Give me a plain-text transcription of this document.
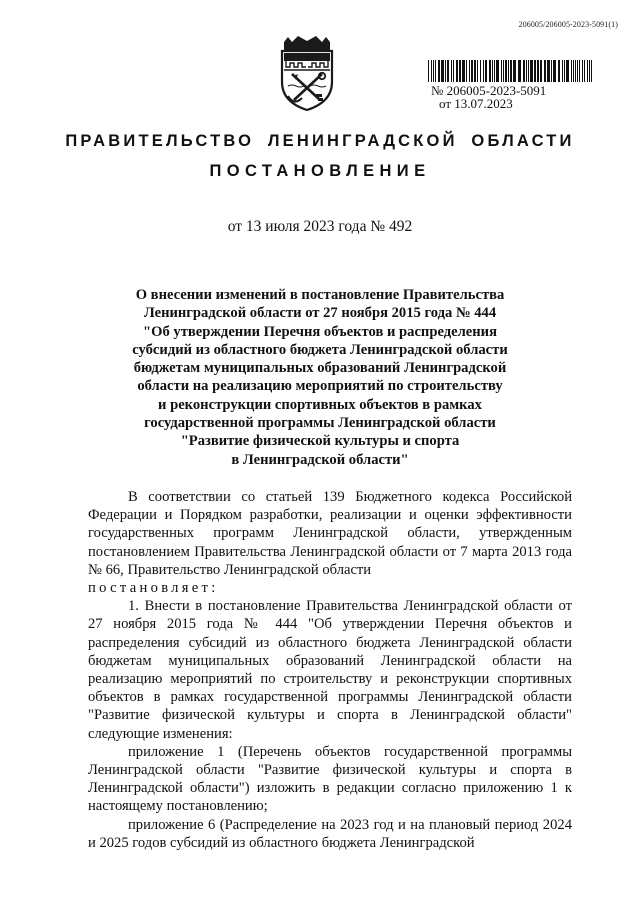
206005/206005-2023-5091(1)
№ 206005-2023-5091
от 13.07.2023
ПРАВИТЕЛЬСТВО ЛЕНИНГРАДСКОЙ ОБЛАСТИ
ПОСТАНОВЛЕНИЕ
от 13 июля 2023 года № 492
О внесении изменений в постановление Правительства
Ленинградской области от 27 ноября 2015 года № 444
"Об утверждении Перечня объектов и распределения
субсидий из областного бюджета Ленинградской области
бюджетам муниципальных образований Ленинградской
области на реализацию мероприятий по строительству
и реконструкции спортивных объектов в рамках
государственной программы Ленинградской области
"Развитие физической культуры и спорта
в Ленинградской области"

В соответствии со статьей 139 Бюджетного кодекса Российской Федерации и Порядком разработки, реализации и оценки эффективности государственных программ Ленинградской области, утвержденным постановлением Правительства Ленинградской области от 7 марта 2013 года № 66, Правительство Ленинградской области

постановляет:

1. Внести в постановление Правительства Ленинградской области от 27 ноября 2015 года № 444 "Об утверждении Перечня объектов и распределения субсидий из областного бюджета Ленинградской области бюджетам муниципальных образований Ленинградской области на реализацию мероприятий по строительству и реконструкции спортивных объектов в рамках государственной программы Ленинградской области "Развитие физической культуры и спорта в Ленинградской области" следующие изменения:

приложение 1 (Перечень объектов государственной программы Ленинградской области "Развитие физической культуры и спорта в Ленинградской области") изложить в редакции согласно приложению 1 к настоящему постановлению;

приложение 6 (Распределение на 2023 год и на плановый период 2024 и 2025 годов субсидий из областного бюджета Ленинградской
